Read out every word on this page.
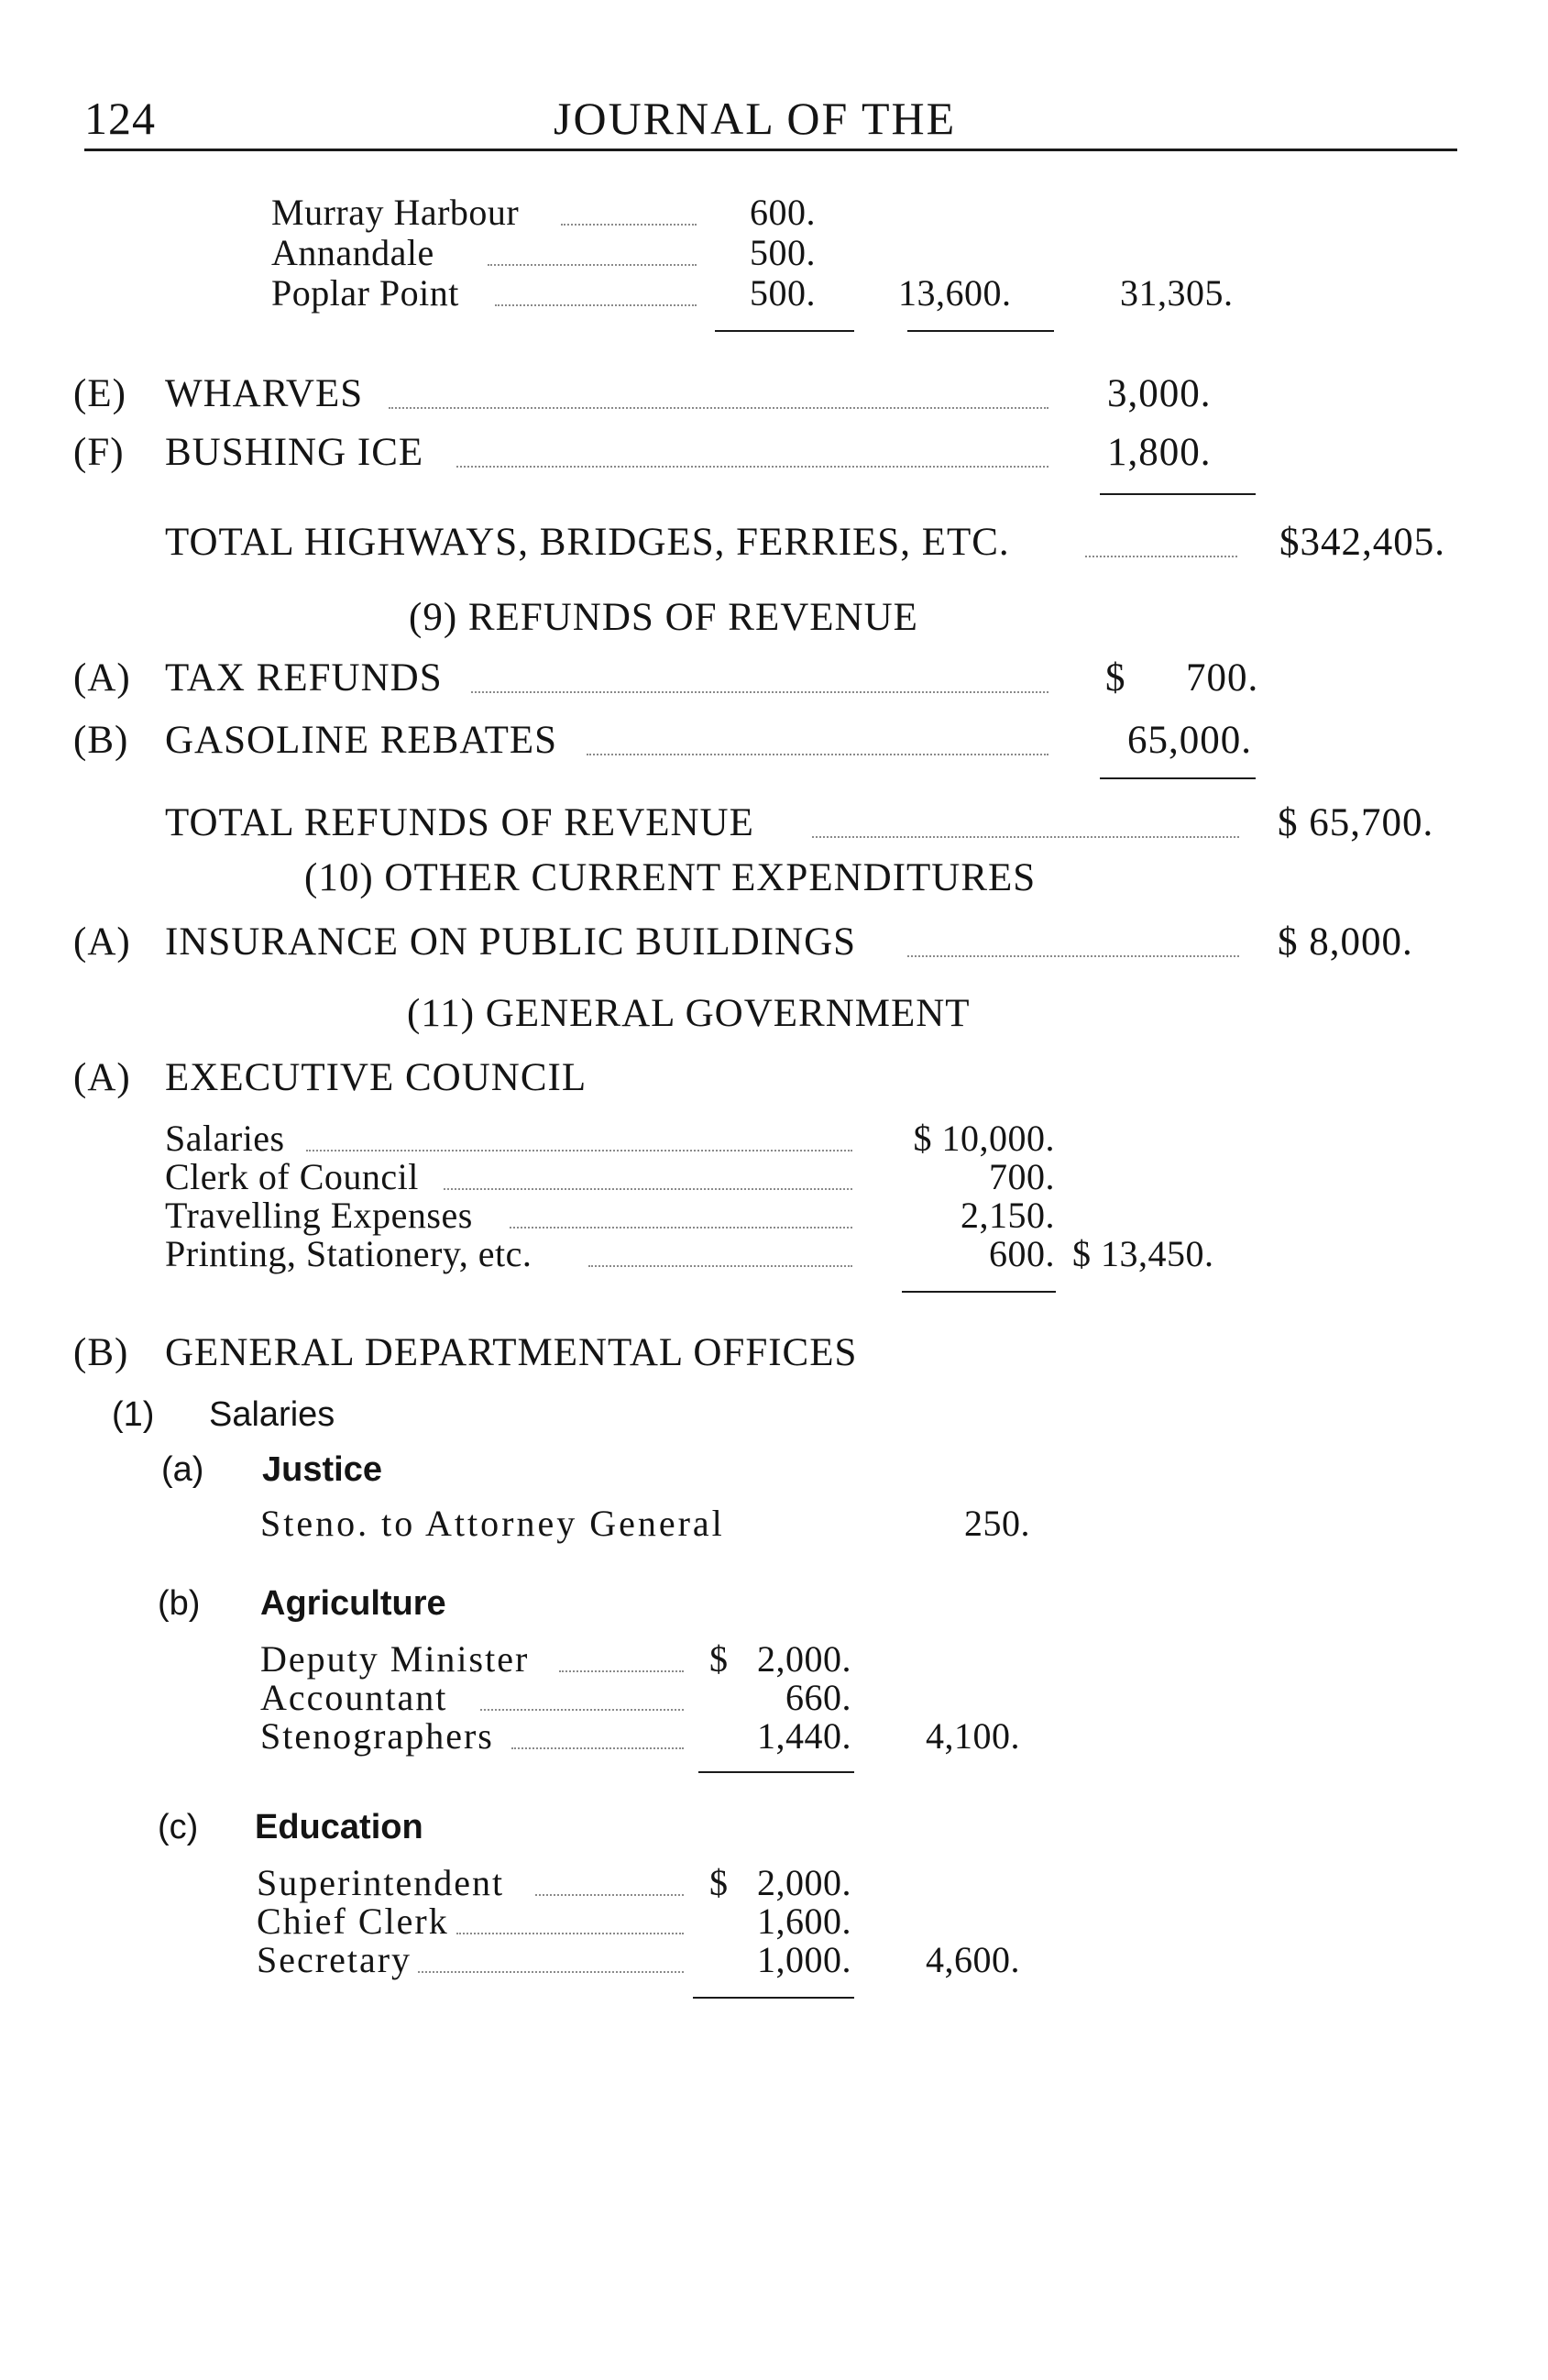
124	JOURNAL OF THE
Murray Harbour	600.
Annandale	500.
Poplar Point	500. 13,600.	31,305.
(E) WHARVES	3,000.
(F) BUSHING ICE	1,800.
TOTAL HIGHWAYS, BRIDGES, FERRIES, ETC.	$342,405.
(9) REFUNDS OF REVENUE
(A) TAX REFUNDS	$ 700.
(B) GASOLINE REBATES	65,000.
TOTAL REFUNDS OF REVENUE	$ 65,700.
(10) OTHER CURRENT EXPENDITURES
(A) INSURANCE ON PUBLIC BUILDINGS	$ 8,000.
(11) GENERAL GOVERNMENT
(A) EXECUTIVE COUNCIL
Salaries	$ 10,000.
Clerk of Council	700.
Travelling Expenses	2,150.
Printing, Stationery, etc.	600. $ 13,450.
(B) GENERAL DEPARTMENTAL OFFICES
(1) Salaries
(a) Justice
Steno. to Attorney General	250.
(b) Agriculture
Deputy Minister	$   2,000.
Accountant	660.
Stenographers	1,440. 4,100.
(c) Education
Superintendent	$   2,000.
Chief Clerk	1,600.
Secretary	1,000. 4,600.
